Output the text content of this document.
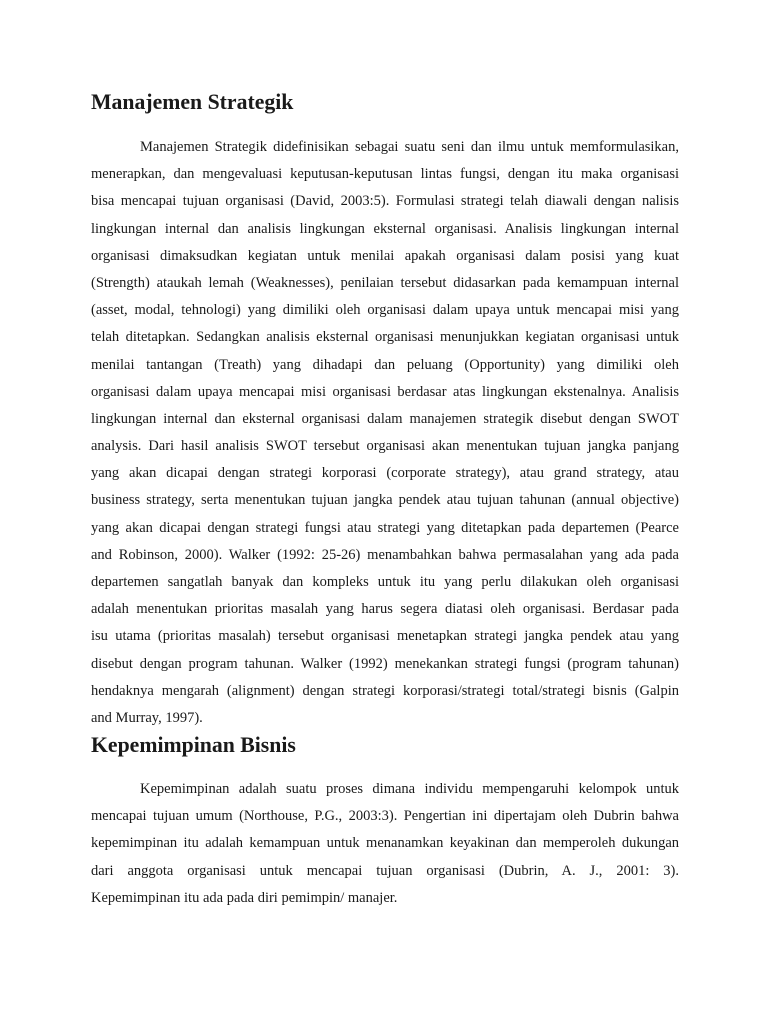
Manajemen Strategik
Manajemen Strategik didefinisikan sebagai suatu seni dan ilmu untuk memformulasikan,
menerapkan, dan mengevaluasi keputusan-keputusan lintas fungsi, dengan itu maka organisasi
bisa mencapai tujuan organisasi (David, 2003:5). Formulasi strategi telah diawali dengan nalisis
lingkungan internal dan analisis lingkungan eksternal organisasi. Analisis lingkungan internal
organisasi dimaksudkan kegiatan untuk menilai apakah organisasi dalam posisi yang kuat
(Strength) ataukah lemah (Weaknesses), penilaian tersebut didasarkan pada kemampuan internal
(asset, modal, tehnologi) yang dimiliki oleh organisasi dalam upaya untuk mencapai misi yang
telah ditetapkan. Sedangkan analisis eksternal organisasi menunjukkan kegiatan organisasi untuk
menilai tantangan (Treath) yang dihadapi dan peluang (Opportunity) yang dimiliki oleh
organisasi dalam upaya mencapai misi organisasi berdasar atas lingkungan ekstenalnya. Analisis
lingkungan internal dan eksternal organisasi dalam manajemen strategik disebut dengan SWOT
analysis. Dari hasil analisis SWOT tersebut organisasi akan menentukan tujuan jangka panjang
yang akan dicapai dengan strategi korporasi (corporate strategy), atau grand strategy, atau
business strategy, serta menentukan tujuan jangka pendek atau tujuan tahunan (annual objective)
yang akan dicapai dengan strategi fungsi atau strategi yang ditetapkan pada departemen (Pearce
and Robinson, 2000). Walker (1992: 25-26) menambahkan bahwa permasalahan yang ada pada
departemen sangatlah banyak dan kompleks untuk itu yang perlu dilakukan oleh organisasi
adalah menentukan prioritas masalah yang harus segera diatasi oleh organisasi. Berdasar pada
isu utama (prioritas masalah) tersebut organisasi menetapkan strategi jangka pendek atau yang
disebut dengan program tahunan. Walker (1992) menekankan strategi fungsi (program tahunan)
hendaknya mengarah (alignment) dengan strategi korporasi/strategi total/strategi bisnis (Galpin
and Murray, 1997).
Kepemimpinan Bisnis
Kepemimpinan adalah suatu proses dimana individu mempengaruhi kelompok untuk
mencapai tujuan umum (Northouse, P.G., 2003:3). Pengertian ini dipertajam oleh Dubrin bahwa
kepemimpinan itu adalah kemampuan untuk menanamkan keyakinan dan memperoleh dukungan
dari anggota organisasi untuk mencapai tujuan organisasi (Dubrin, A. J., 2001: 3).
Kepemimpinan itu ada pada diri pemimpin/ manajer.
